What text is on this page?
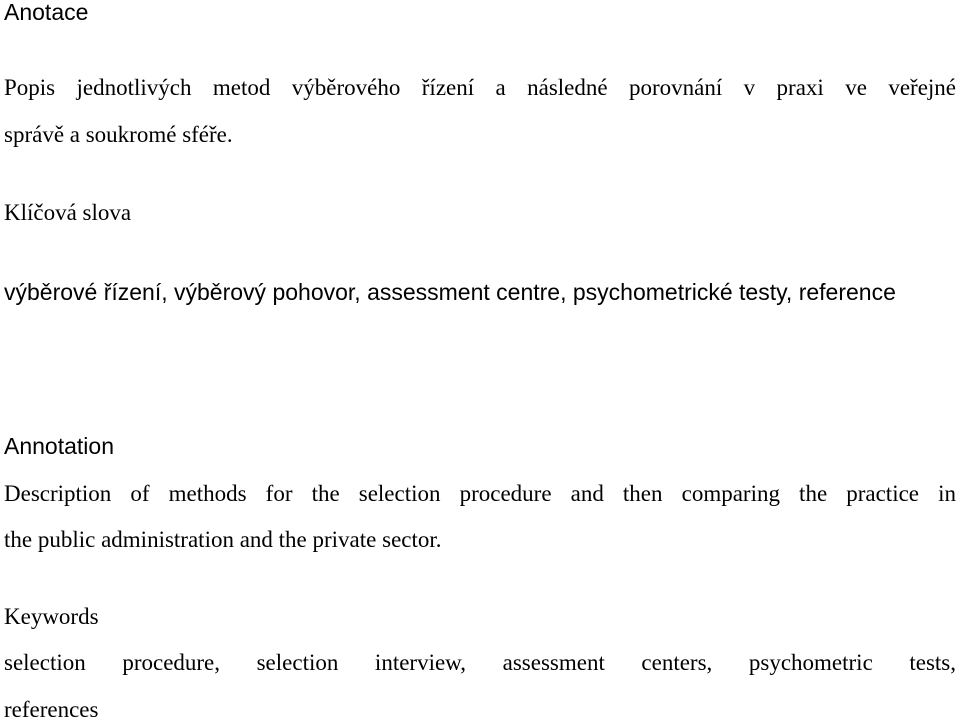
Anotace

Popis jednotlivých metod výběrového řízení a následné porovnání v praxi ve veřejné

správě a soukromé sféře.

Klíčová slova

výběrové řízení, výběrový pohovor, assessment centre, psychometrické testy, reference

Annotation

Description of methods for the selection procedure and then comparing the practice in

the public administration and the private sector.

Keywords

selection procedure, selection interview, assessment centers, psychometric tests,

references
